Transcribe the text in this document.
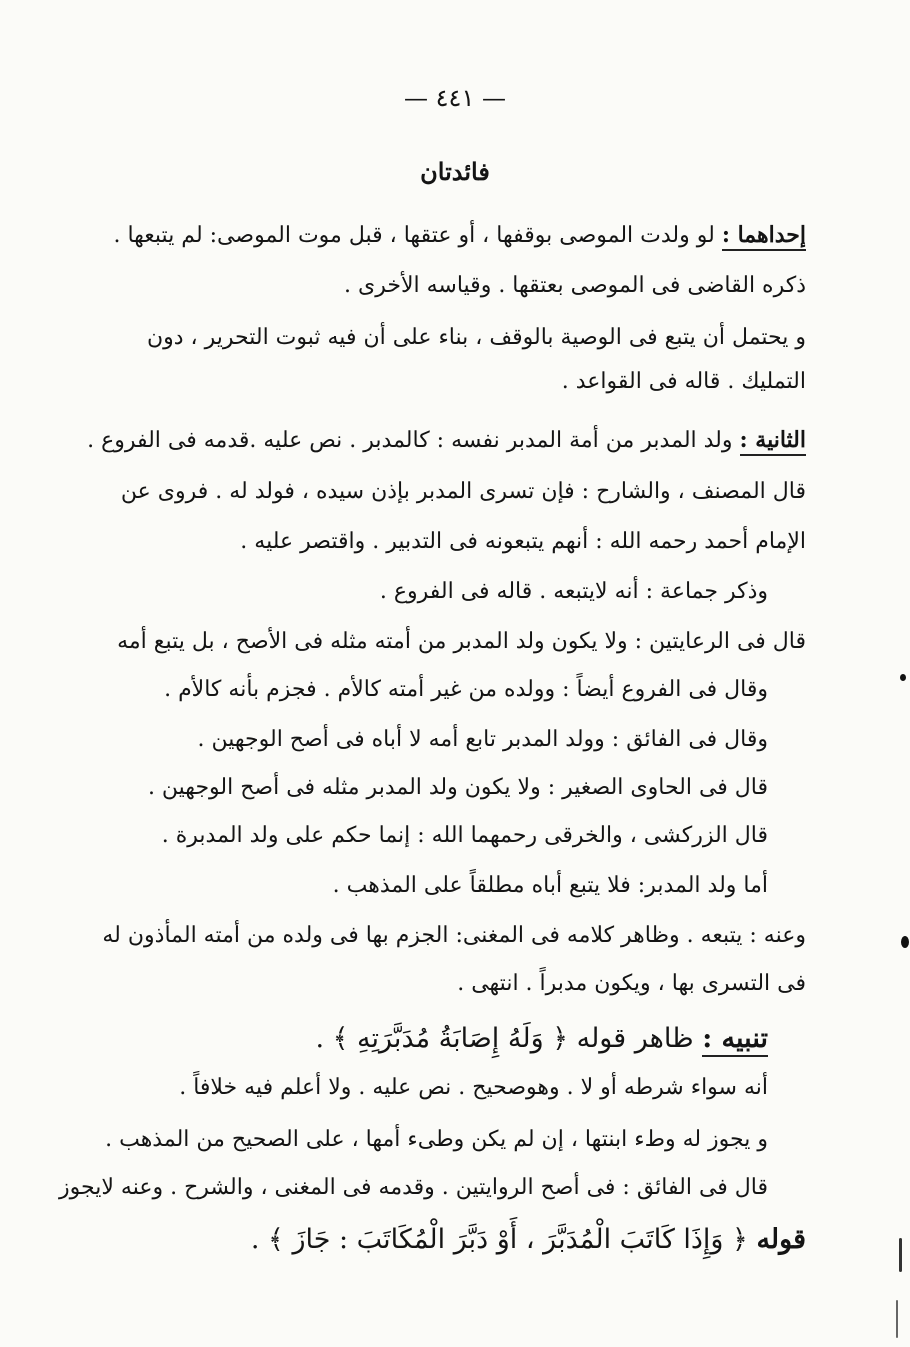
— ٤٤١ —
فائدتان
إحداهما : لو ولدت الموصى بوقفها ، أو عتقها ، قبل موت الموصى: لم يتبعها .
ذكره القاضى فى الموصى بعتقها . وقياسه الأخرى .
و يحتمل أن يتبع فى الوصية بالوقف ، بناء على أن فيه ثبوت التحرير ، دون
التمليك . قاله فى القواعد .
الثانية : ولد المدبر من أمة المدبر نفسه : كالمدبر . نص عليه .قدمه فى الفروع .
قال المصنف ، والشارح : فإن تسرى المدبر بإذن سيده ، فولد له . فروى عن
الإمام أحمد رحمه الله : أنهم يتبعونه فى التدبير . واقتصر عليه .
وذكر جماعة : أنه لايتبعه . قاله فى الفروع .
قال فى الرعايتين : ولا يكون ولد المدبر من أمته مثله فى الأصح ، بل يتبع أمه
وقال فى الفروع أيضاً : وولده من غير أمته كالأم . فجزم بأنه كالأم .
وقال فى الفائق : وولد المدبر تابع أمه لا أباه فى أصح الوجهين .
قال فى الحاوى الصغير : ولا يكون ولد المدبر مثله فى أصح الوجهين .
قال الزركشى ، والخرقى رحمهما الله : إنما حكم على ولد المدبرة .
أما ولد المدبر: فلا يتبع أباه مطلقاً على المذهب .
وعنه : يتبعه . وظاهر كلامه فى المغنى: الجزم بها فى ولده من أمته المأذون له
فى التسرى بها ، ويكون مدبراً . انتهى .
تنبيه : ظاهر قوله ﴿ وَلَهُ إِصَابَةُ مُدَبَّرَتِهِ ﴾ .
أنه سواء شرطه أو لا . وهوصحيح . نص عليه . ولا أعلم فيه خلافاً .
و يجوز له وطء ابنتها ، إن لم يكن وطىء أمها ، على الصحيح من المذهب .
قال فى الفائق : فى أصح الروايتين . وقدمه فى المغنى ، والشرح . وعنه لايجوز
قوله ﴿ وَإِذَا كَاتَبَ الْمُدَبَّرَ ، أَوْ دَبَّرَ الْمُكَاتَبَ : جَازَ ﴾ .
